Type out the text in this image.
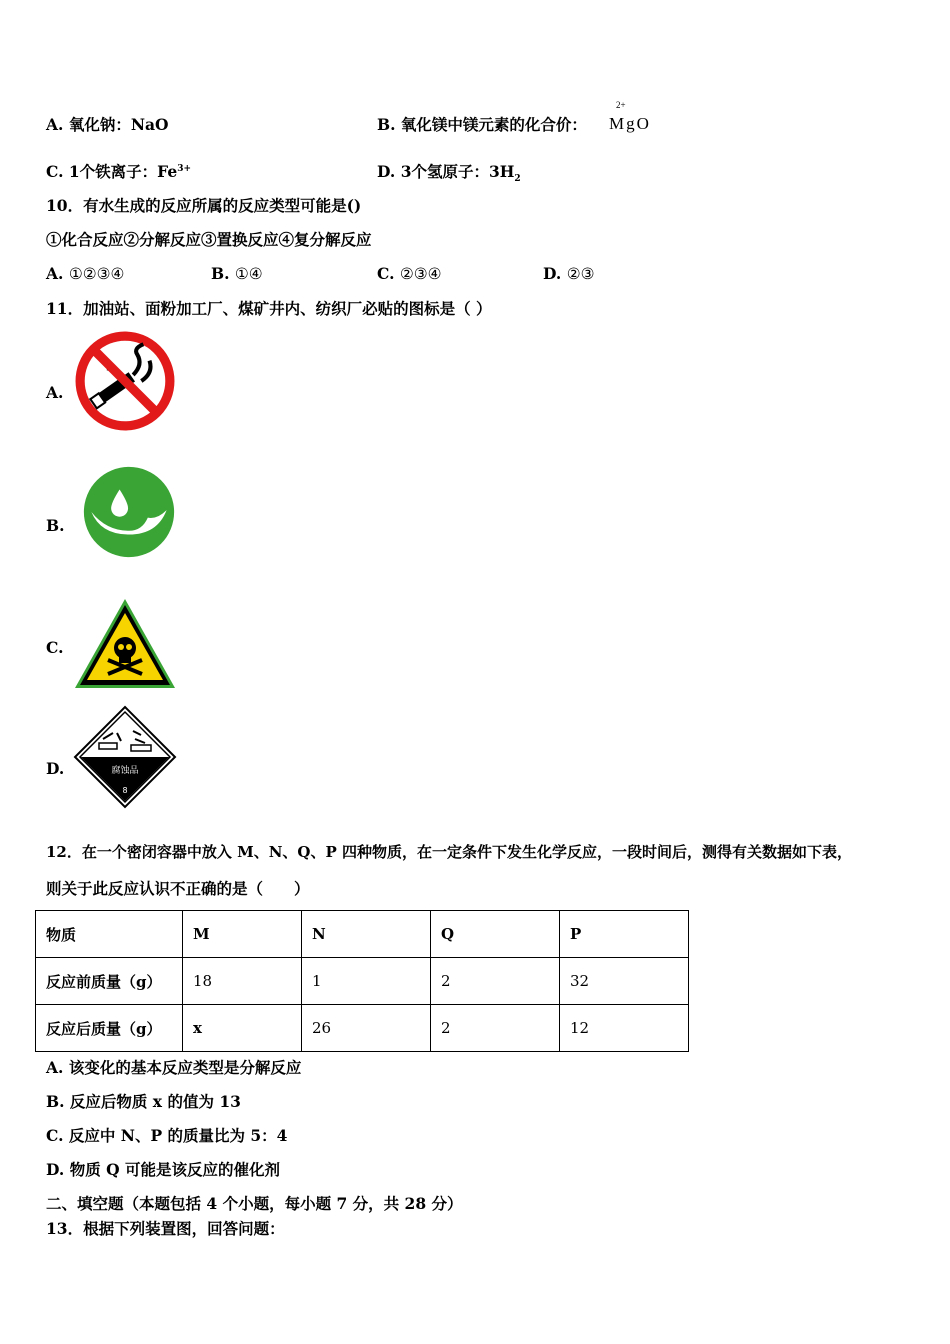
A. 氧化钠：NaO	B. 氧化镁中镁元素的化合价：
2+
MgO
C. 1个铁离子：$Fe^{3+}$	D. 3个氢原子：$3H_2$
10．有水生成的反应所属的反应类型可能是()
①化合反应②分解反应③置换反应④复分解反应
A. ①②③④	B. ①④	C. ②③④	D. ②③
11．加油站、面粉加工厂、煤矿井内、纺织厂必贴的图标是（ ）
A.
B.
C.
D.	腐蚀品
8
12．在一个密闭容器中放入 M、N、Q、P 四种物质，在一定条件下发生化学反应，一段时间后，测得有关数据如下表，
则关于此反应认识不正确的是（　　）
物质	M	N	Q	P
反应前质量（g）	18	1	2	32
反应后质量（g）	x	26	2	12
A. 该变化的基本反应类型是分解反应
B. 反应后物质 x 的值为 13
C. 反应中 N、P 的质量比为 5：4
D. 物质 Q 可能是该反应的催化剂
二、填空题（本题包括 4 个小题，每小题 7 分，共 28 分）
13．根据下列装置图，回答问题：
